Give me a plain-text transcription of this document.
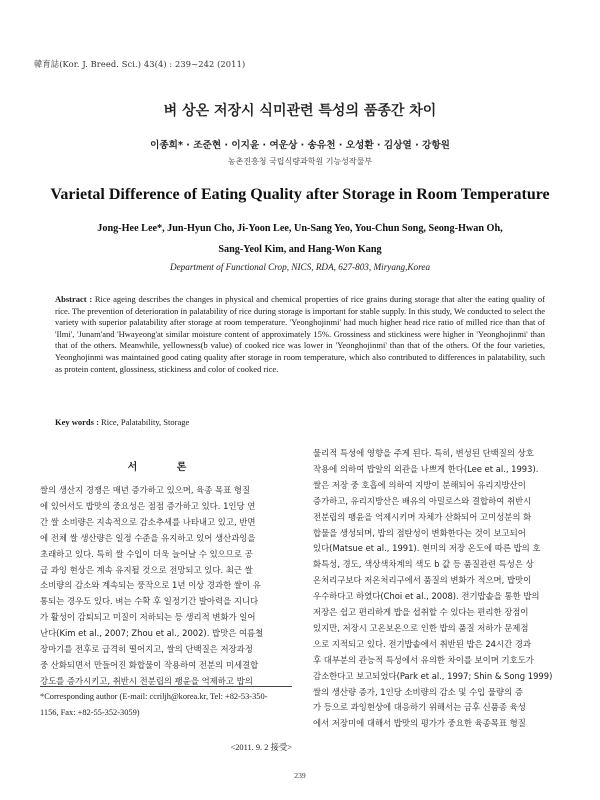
韓育誌(Kor. J. Breed. Sci.) 43(4) : 239~242 (2011)
벼 상온 저장시 식미관련 특성의 품종간 차이
이종희* · 조준현 · 이지윤 · 여운상 · 송유천 · 오성환 · 김상열 · 강항원
농촌진흥청 국립식량과학원 기능성작물부
Varietal Difference of Eating Quality after Storage in Room Temperature
Jong-Hee Lee*, Jun-Hyun Cho, Ji-Yoon Lee, Un-Sang Yeo, You-Chun Song, Seong-Hwan Oh,
Sang-Yeol Kim, and Hang-Won Kang
Department of Functional Crop, NICS, RDA, 627-803, Miryang,Korea
Abstract : Rice ageing describes the changes in physical and chemical properties of rice grains during storage that alter the eating quality of rice. The prevention of deterioration in palatability of rice during storage is important for stable supply. In this study, We conducted to select the variety with superior palatability after storage at room temperature. 'Yeonghojinmi' had much higher head rice ratio of milled rice than that of 'Ilmi', 'Junam'and 'Hwayeong'at similar moisture content of approximately 15%. Grossiness and stickiness were higher in 'Yeonghojinmi' than that of the others. Meanwhile, yellowness(b value) of cooked rice was lower in 'Yeonghojinmi' than that of the others. Of the four varieties, Yeonghojinmi was maintained good cating quality after storage in room temperature, which also contributed to differences in palatability, such as protein content, glossiness, stickiness and color of cooked rice.
Key words : Rice, Palatability, Storage
서 론
쌀의 생산지 경쟁은 매년 증가하고 있으며, 육종 목표 형질
에 있어서도 밥맛의 중요성은 점점 증가하고 있다. 1인당 연
간 쌀 소비량은 지속적으로 감소추세를 나타내고 있고, 반면
에 전체 쌀 생산량은 일정 수준을 유지하고 있어 생산과잉을
초래하고 있다. 특히 쌀 수입이 더욱 늘어날 수 있으므로 공
급 과잉 현상은 계속 유지될 것으로 전망되고 있다. 최근 쌀
소비량의 감소와 계속되는 풍작으로 1년 이상 경과한 쌀이 유
통되는 경우도 있다. 벼는 수확 후 일정기간 발아력을 지니다
가 활성이 감퇴되고 미질이 저하되는 등 생리적 변화가 일어
난다(Kim et al., 2007; Zhou et al., 2002). 밥맛은 여름철
장마기를 전후로 급격히 떨어지고, 쌀의 단백질은 저장과정
중 산화되면서 만들어진 화합물이 작용하여 전분의 미세결합
강도를 증가시키고, 취반시 전분립의 팽윤을 억제하고 밥의
물리적 특성에 영향을 주게 된다. 특히, 변성된 단백질의 상호
작용에 의하여 밥알의 외관을 나쁘게 한다(Lee et al., 1993).
쌀은 저장 중 호흡에 의하여 지방이 분해되어 유리지방산이
증가하고, 유리지방산은 배유의 아밀로스와 결합하여 취반시
전분립의 팽윤을 억제시키며 자체가 산화되어 고미성분의 화
합물을 생성되며, 밥의 점탄성이 변화한다는 것이 보고되어
있다(Matsue et al., 1991). 현미의 저장 온도에 따른 밥의 호
화특성, 경도, 색상색차계의 색도 b 값 등 품질관련 특성은 상
온처리구보다 저온처리구에서 품질의 변화가 적으며, 밥맛이
우수하다고 하였다(Choi et al., 2008). 전기밥솥을 통한 밥의
저장은 쉽고 편리하게 밥을 섭취할 수 있다는 편리한 장점이
있지만, 저장시 고온보온으로 인한 밥의 품질 저하가 문제점
으로 지적되고 있다. 전기밥솥에서 취반된 밥은 24시간 경과
후 대부분의 관능적 특성에서 유의한 차이를 보이며 기호도가
감소한다고 보고되었다(Park et al., 1997; Shin & Song 1999)
쌀의 생산량 증가, 1인당 소비량의 감소 및 수입 물량의 증
가 등으로 과잉현상에 대응하기 위해서는 금후 신품종 육성
에서 저장미에 대해서 밥맛의 평가가 중요한 육종목표 형질
*Corresponding author (E-mail: ccriljh@korea.kr, Tel: +82-53-350-
1156, Fax: +82-55-352-3059)
<2011. 9. 2 接受>
239
